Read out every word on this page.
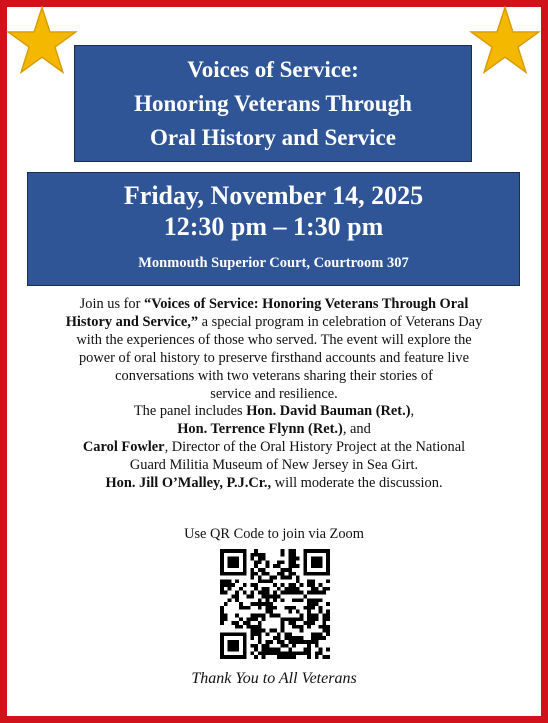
Voices of Service:
Honoring Veterans Through
Oral History and Service
Friday, November 14, 2025
12:30 pm – 1:30 pm
Monmouth Superior Court, Courtroom 307
Join us for “Voices of Service: Honoring Veterans Through Oral
History and Service,” a special program in celebration of Veterans Day
with the experiences of those who served. The event will explore the
power of oral history to preserve firsthand accounts and feature live
conversations with two veterans sharing their stories of
service and resilience.
The panel includes Hon. David Bauman (Ret.),
Hon. Terrence Flynn (Ret.), and
Carol Fowler, Director of the Oral History Project at the National
Guard Militia Museum of New Jersey in Sea Girt.
Hon. Jill O’Malley, P.J.Cr., will moderate the discussion.
Use QR Code to join via Zoom
Thank You to All Veterans
